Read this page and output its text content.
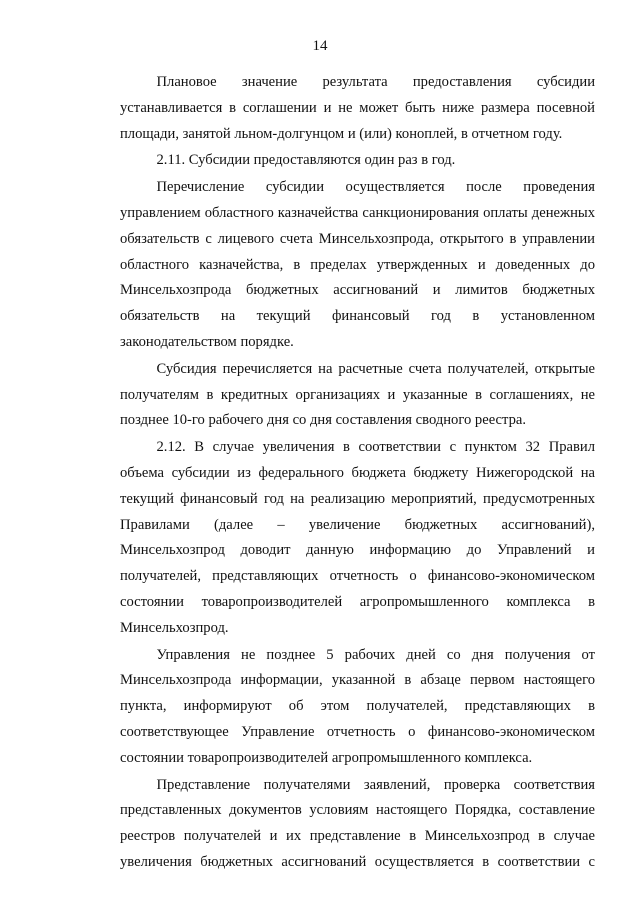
14

Плановое значение результата предоставления субсидии устанавливается в соглашении и не может быть ниже размера посевной площади, занятой льном-долгунцом и (или) коноплей, в отчетном году.

2.11. Субсидии предоставляются один раз в год.

Перечисление субсидии осуществляется после проведения управлением областного казначейства санкционирования оплаты денежных обязательств с лицевого счета Минсельхозпрода, открытого в управлении областного казначейства, в пределах утвержденных и доведенных до Минсельхозпрода бюджетных ассигнований и лимитов бюджетных обязательств на текущий финансовый год в установленном законодательством порядке.

Субсидия перечисляется на расчетные счета получателей, открытые получателям в кредитных организациях и указанные в соглашениях, не позднее 10-го рабочего дня со дня составления сводного реестра.

2.12. В случае увеличения в соответствии с пунктом 32 Правил объема субсидии из федерального бюджета бюджету Нижегородской на текущий финансовый год на реализацию мероприятий, предусмотренных Правилами (далее – увеличение бюджетных ассигнований), Минсельхозпрод доводит данную информацию до Управлений и получателей, представляющих отчетность о финансово-экономическом состоянии товаропроизводителей агропромышленного комплекса в Минсельхозпрод.

Управления не позднее 5 рабочих дней со дня получения от Минсельхозпрода информации, указанной в абзаце первом настоящего пункта, информируют об этом получателей, представляющих в соответствующее Управление отчетность о финансово-экономическом состоянии товаропроизводителей агропромышленного комплекса.

Представление получателями заявлений, проверка соответствия представленных документов условиям настоящего Порядка, составление реестров получателей и их представление в Минсельхозпрод в случае увеличения бюджетных ассигнований осуществляется в соответствии с
